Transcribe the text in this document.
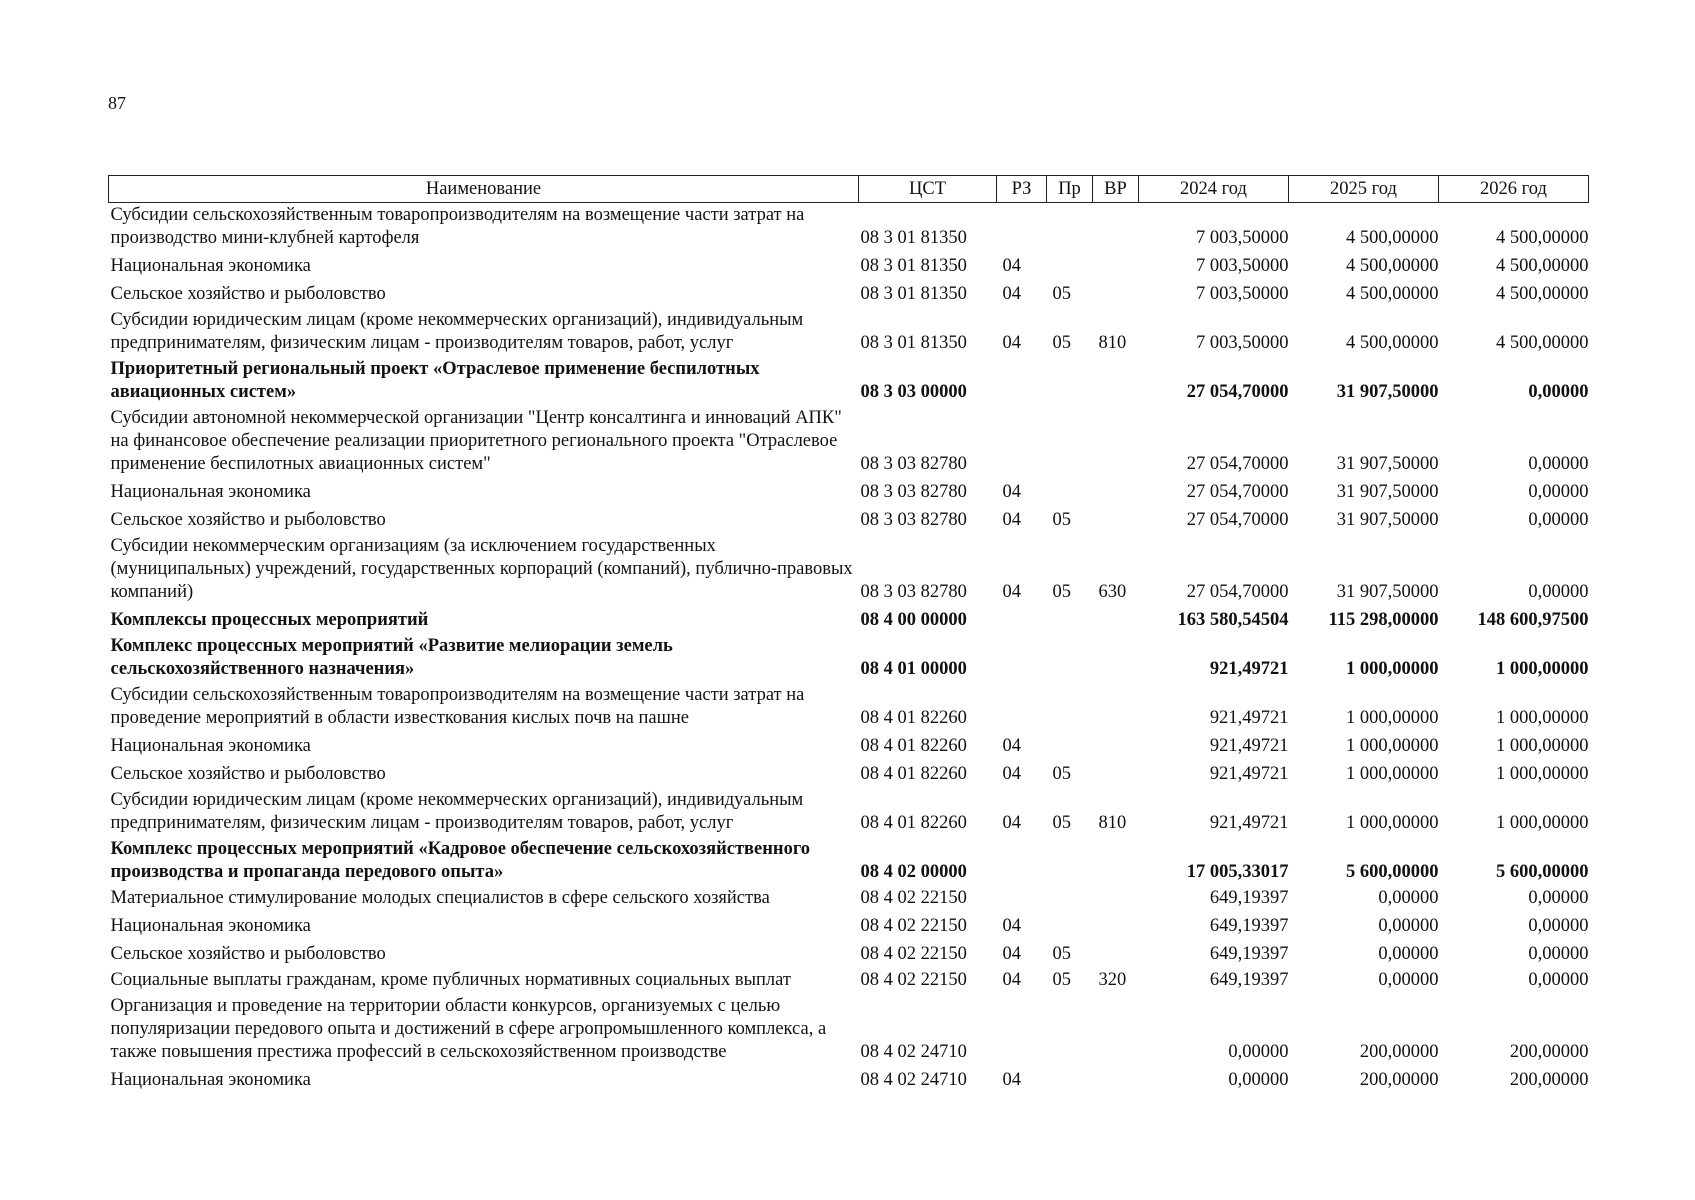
87
Наименование	ЦСТ	РЗ	Пр	ВР	2024 год	2025 год	2026 год
Субсидии сельскохозяйственным товаропроизводителям на возмещение части затрат на производство мини-клубней картофеля	08 3 01 81350				7 003,50000	4 500,00000	4 500,00000
Национальная экономика	08 3 01 81350	04			7 003,50000	4 500,00000	4 500,00000
Сельское хозяйство и рыболовство	08 3 01 81350	04	05		7 003,50000	4 500,00000	4 500,00000
Субсидии юридическим лицам (кроме некоммерческих организаций), индивидуальным предпринимателям, физическим лицам - производителям товаров, работ, услуг	08 3 01 81350	04	05	810	7 003,50000	4 500,00000	4 500,00000
Приоритетный региональный проект «Отраслевое применение беспилотных авиационных систем»	08 3 03 00000				27 054,70000	31 907,50000	0,00000
Субсидии автономной некоммерческой организации "Центр консалтинга и инноваций АПК" на финансовое обеспечение реализации приоритетного регионального проекта "Отраслевое применение беспилотных авиационных систем"	08 3 03 82780				27 054,70000	31 907,50000	0,00000
Национальная экономика	08 3 03 82780	04			27 054,70000	31 907,50000	0,00000
Сельское хозяйство и рыболовство	08 3 03 82780	04	05		27 054,70000	31 907,50000	0,00000
Субсидии некоммерческим организациям (за исключением государственных (муниципальных) учреждений, государственных корпораций (компаний), публично-правовых компаний)	08 3 03 82780	04	05	630	27 054,70000	31 907,50000	0,00000
Комплексы процессных мероприятий	08 4 00 00000				163 580,54504	115 298,00000	148 600,97500
Комплекс процессных мероприятий «Развитие мелиорации земель сельскохозяйственного назначения»	08 4 01 00000				921,49721	1 000,00000	1 000,00000
Субсидии сельскохозяйственным товаропроизводителям на возмещение части затрат на проведение мероприятий в области известкования кислых почв на пашне	08 4 01 82260				921,49721	1 000,00000	1 000,00000
Национальная экономика	08 4 01 82260	04			921,49721	1 000,00000	1 000,00000
Сельское хозяйство и рыболовство	08 4 01 82260	04	05		921,49721	1 000,00000	1 000,00000
Субсидии юридическим лицам (кроме некоммерческих организаций), индивидуальным предпринимателям, физическим лицам - производителям товаров, работ, услуг	08 4 01 82260	04	05	810	921,49721	1 000,00000	1 000,00000
Комплекс процессных мероприятий «Кадровое обеспечение сельскохозяйственного производства и пропаганда передового опыта»	08 4 02 00000				17 005,33017	5 600,00000	5 600,00000
Материальное стимулирование молодых специалистов в сфере сельского хозяйства	08 4 02 22150				649,19397	0,00000	0,00000
Национальная экономика	08 4 02 22150	04			649,19397	0,00000	0,00000
Сельское хозяйство и рыболовство	08 4 02 22150	04	05		649,19397	0,00000	0,00000
Социальные выплаты гражданам, кроме публичных нормативных социальных выплат	08 4 02 22150	04	05	320	649,19397	0,00000	0,00000
Организация и проведение на территории области конкурсов, организуемых с целью популяризации передового опыта и достижений в сфере агропромышленного комплекса, а также повышения престижа профессий в сельскохозяйственном производстве	08 4 02 24710				0,00000	200,00000	200,00000
Национальная экономика	08 4 02 24710	04			0,00000	200,00000	200,00000
